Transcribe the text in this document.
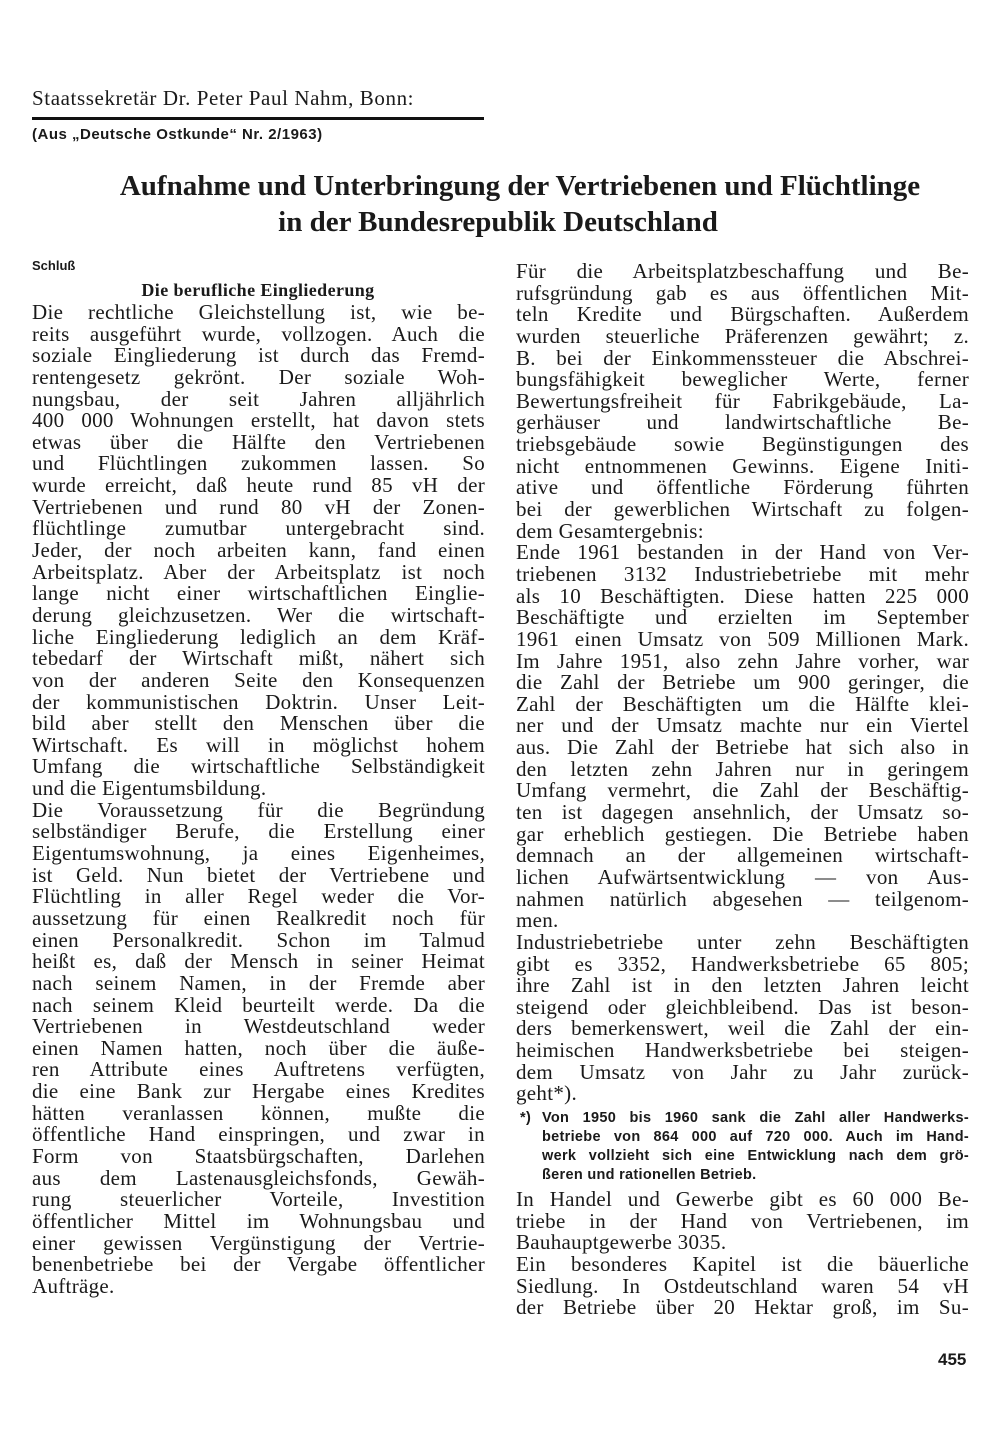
Staatssekretär Dr. Peter Paul Nahm, Bonn:
(Aus „Deutsche Ostkunde“ Nr. 2/1963)
Aufnahme und Unterbringung der Vertriebenen und Flüchtlinge
in der Bundesrepublik Deutschland
Schluß
Die berufliche Eingliederung
Die rechtliche Gleichstellung ist, wie be-
reits ausgeführt wurde, vollzogen. Auch die
soziale Eingliederung ist durch das Fremd-
rentengesetz gekrönt. Der soziale Woh-
nungsbau, der seit Jahren alljährlich
400 000 Wohnungen erstellt, hat davon stets
etwas über die Hälfte den Vertriebenen
und Flüchtlingen zukommen lassen. So
wurde erreicht, daß heute rund 85 vH der
Vertriebenen und rund 80 vH der Zonen-
flüchtlinge zumutbar untergebracht sind.
Jeder, der noch arbeiten kann, fand einen
Arbeitsplatz. Aber der Arbeitsplatz ist noch
lange nicht einer wirtschaftlichen Einglie-
derung gleichzusetzen. Wer die wirtschaft-
liche Eingliederung lediglich an dem Kräf-
tebedarf der Wirtschaft mißt, nähert sich
von der anderen Seite den Konsequenzen
der kommunistischen Doktrin. Unser Leit-
bild aber stellt den Menschen über die
Wirtschaft. Es will in möglichst hohem
Umfang die wirtschaftliche Selbständigkeit
und die Eigentumsbildung.
Die Voraussetzung für die Begründung
selbständiger Berufe, die Erstellung einer
Eigentumswohnung, ja eines Eigenheimes,
ist Geld. Nun bietet der Vertriebene und
Flüchtling in aller Regel weder die Vor-
aussetzung für einen Realkredit noch für
einen Personalkredit. Schon im Talmud
heißt es, daß der Mensch in seiner Heimat
nach seinem Namen, in der Fremde aber
nach seinem Kleid beurteilt werde. Da die
Vertriebenen in Westdeutschland weder
einen Namen hatten, noch über die äuße-
ren Attribute eines Auftretens verfügten,
die eine Bank zur Hergabe eines Kredites
hätten veranlassen können, mußte die
öffentliche Hand einspringen, und zwar in
Form von Staatsbürgschaften, Darlehen
aus dem Lastenausgleichsfonds, Gewäh-
rung steuerlicher Vorteile, Investition
öffentlicher Mittel im Wohnungsbau und
einer gewissen Vergünstigung der Vertrie-
benenbetriebe bei der Vergabe öffentlicher
Aufträge.
Für die Arbeitsplatzbeschaffung und Be-
rufsgründung gab es aus öffentlichen Mit-
teln Kredite und Bürgschaften. Außerdem
wurden steuerliche Präferenzen gewährt; z.
B. bei der Einkommenssteuer die Abschrei-
bungsfähigkeit beweglicher Werte, ferner
Bewertungsfreiheit für Fabrikgebäude, La-
gerhäuser und landwirtschaftliche Be-
triebsgebäude sowie Begünstigungen des
nicht entnommenen Gewinns. Eigene Initi-
ative und öffentliche Förderung führten
bei der gewerblichen Wirtschaft zu folgen-
dem Gesamtergebnis:
Ende 1961 bestanden in der Hand von Ver-
triebenen 3132 Industriebetriebe mit mehr
als 10 Beschäftigten. Diese hatten 225 000
Beschäftigte und erzielten im September
1961 einen Umsatz von 509 Millionen Mark.
Im Jahre 1951, also zehn Jahre vorher, war
die Zahl der Betriebe um 900 geringer, die
Zahl der Beschäftigten um die Hälfte klei-
ner und der Umsatz machte nur ein Viertel
aus. Die Zahl der Betriebe hat sich also in
den letzten zehn Jahren nur in geringem
Umfang vermehrt, die Zahl der Beschäftig-
ten ist dagegen ansehnlich, der Umsatz so-
gar erheblich gestiegen. Die Betriebe haben
demnach an der allgemeinen wirtschaft-
lichen Aufwärtsentwicklung — von Aus-
nahmen natürlich abgesehen — teilgenom-
men.
Industriebetriebe unter zehn Beschäftigten
gibt es 3352, Handwerksbetriebe 65 805;
ihre Zahl ist in den letzten Jahren leicht
steigend oder gleichbleibend. Das ist beson-
ders bemerkenswert, weil die Zahl der ein-
heimischen Handwerksbetriebe bei steigen-
dem Umsatz von Jahr zu Jahr zurück-
geht*).
*) Von 1950 bis 1960 sank die Zahl aller Handwerks-
betriebe von 864 000 auf 720 000. Auch im Hand-
werk vollzieht sich eine Entwicklung nach dem grö-
ßeren und rationellen Betrieb.
In Handel und Gewerbe gibt es 60 000 Be-
triebe in der Hand von Vertriebenen, im
Bauhauptgewerbe 3035.
Ein besonderes Kapitel ist die bäuerliche
Siedlung. In Ostdeutschland waren 54 vH
der Betriebe über 20 Hektar groß, im Su-
455
